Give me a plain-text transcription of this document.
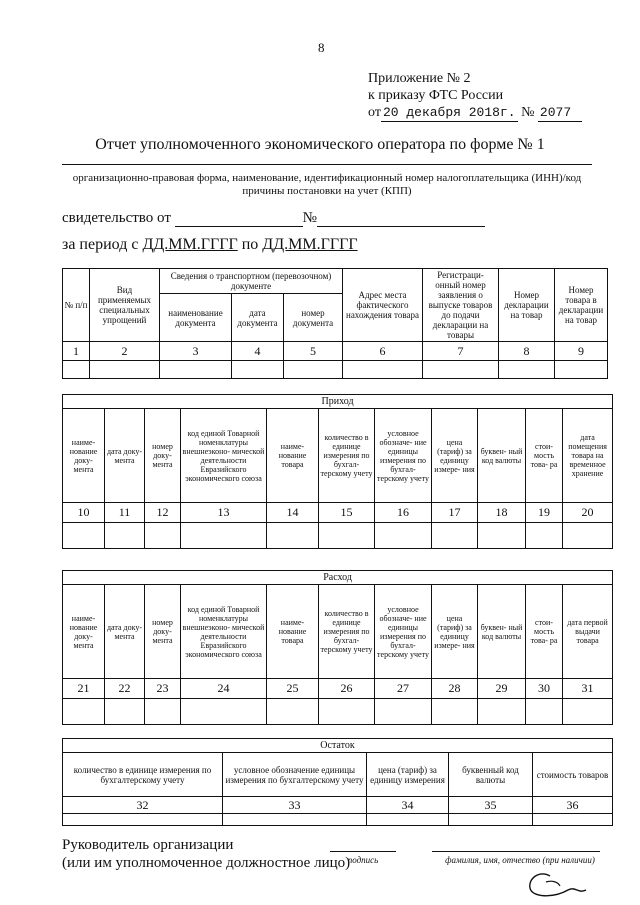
8
Приложение № 2
к приказу ФТС России
от 20 декабря 2018г. № 2077
Отчет уполномоченного экономического оператора по форме № 1
организационно-правовая форма, наименование, идентификационный номер налогоплательщика (ИНН)/код причины постановки на учет (КПП)
свидетельство от	№
за период с ДД.ММ.ГГГГ по ДД.ММ.ГГГГ
№ п/п	Вид применяемых специальных упрощений	Сведения о транспортном (перевозочном) документе			Адрес места фактического нахождения товара	Регистраци- онный номер заявления о выпуске товаров до подачи декларации на товары	Номер декларации на товар	Номер товара в декларации на товар
		наименование документа	дата документа	номер документа				
1	2	3	4	5	6	7	8	9

Приход										
наиме- нование доку- мента	дата доку- мента	номер доку- мента	код единой Товарной номенклатуры внешнеэконо- мической деятельности Евразийского экономического союза	наиме- нование товара	количество в единице измерения по бухгал- терскому учету	условное обозначе- ние единицы измерения по бухгал- терскому учету	цена (тариф) за единицу измере- ния	буквен- ный код валюты	стои- мость това- ра	дата помещения товара на временное хранение
10	11	12	13	14	15	16	17	18	19	20

Расход										
наиме- нование доку- мента	дата доку- мента	номер доку- мента	код единой Товарной номенклатуры внешнеэконо- мической деятельности Евразийского экономического союза	наиме- нование товара	количество в единице измерения по бухгал- терскому учету	условное обозначе- ние единицы измерения по бухгал- терскому учету	цена (тариф) за единицу измере- ния	буквен- ный код валюты	стои- мость това- ра	дата первой выдачи товара
21	22	23	24	25	26	27	28	29	30	31

Остаток				
количество в единице измерения по бухгалтерскому учету	условное обозначение единицы измерения по бухгалтерскому учету	цена (тариф) за единицу измерения	буквенный код валюты	стоимость товаров
32	33	34	35	36

Руководитель организации
(или им уполномоченное должностное лицо)
подпись	фамилия, имя, отчество (при наличии)
